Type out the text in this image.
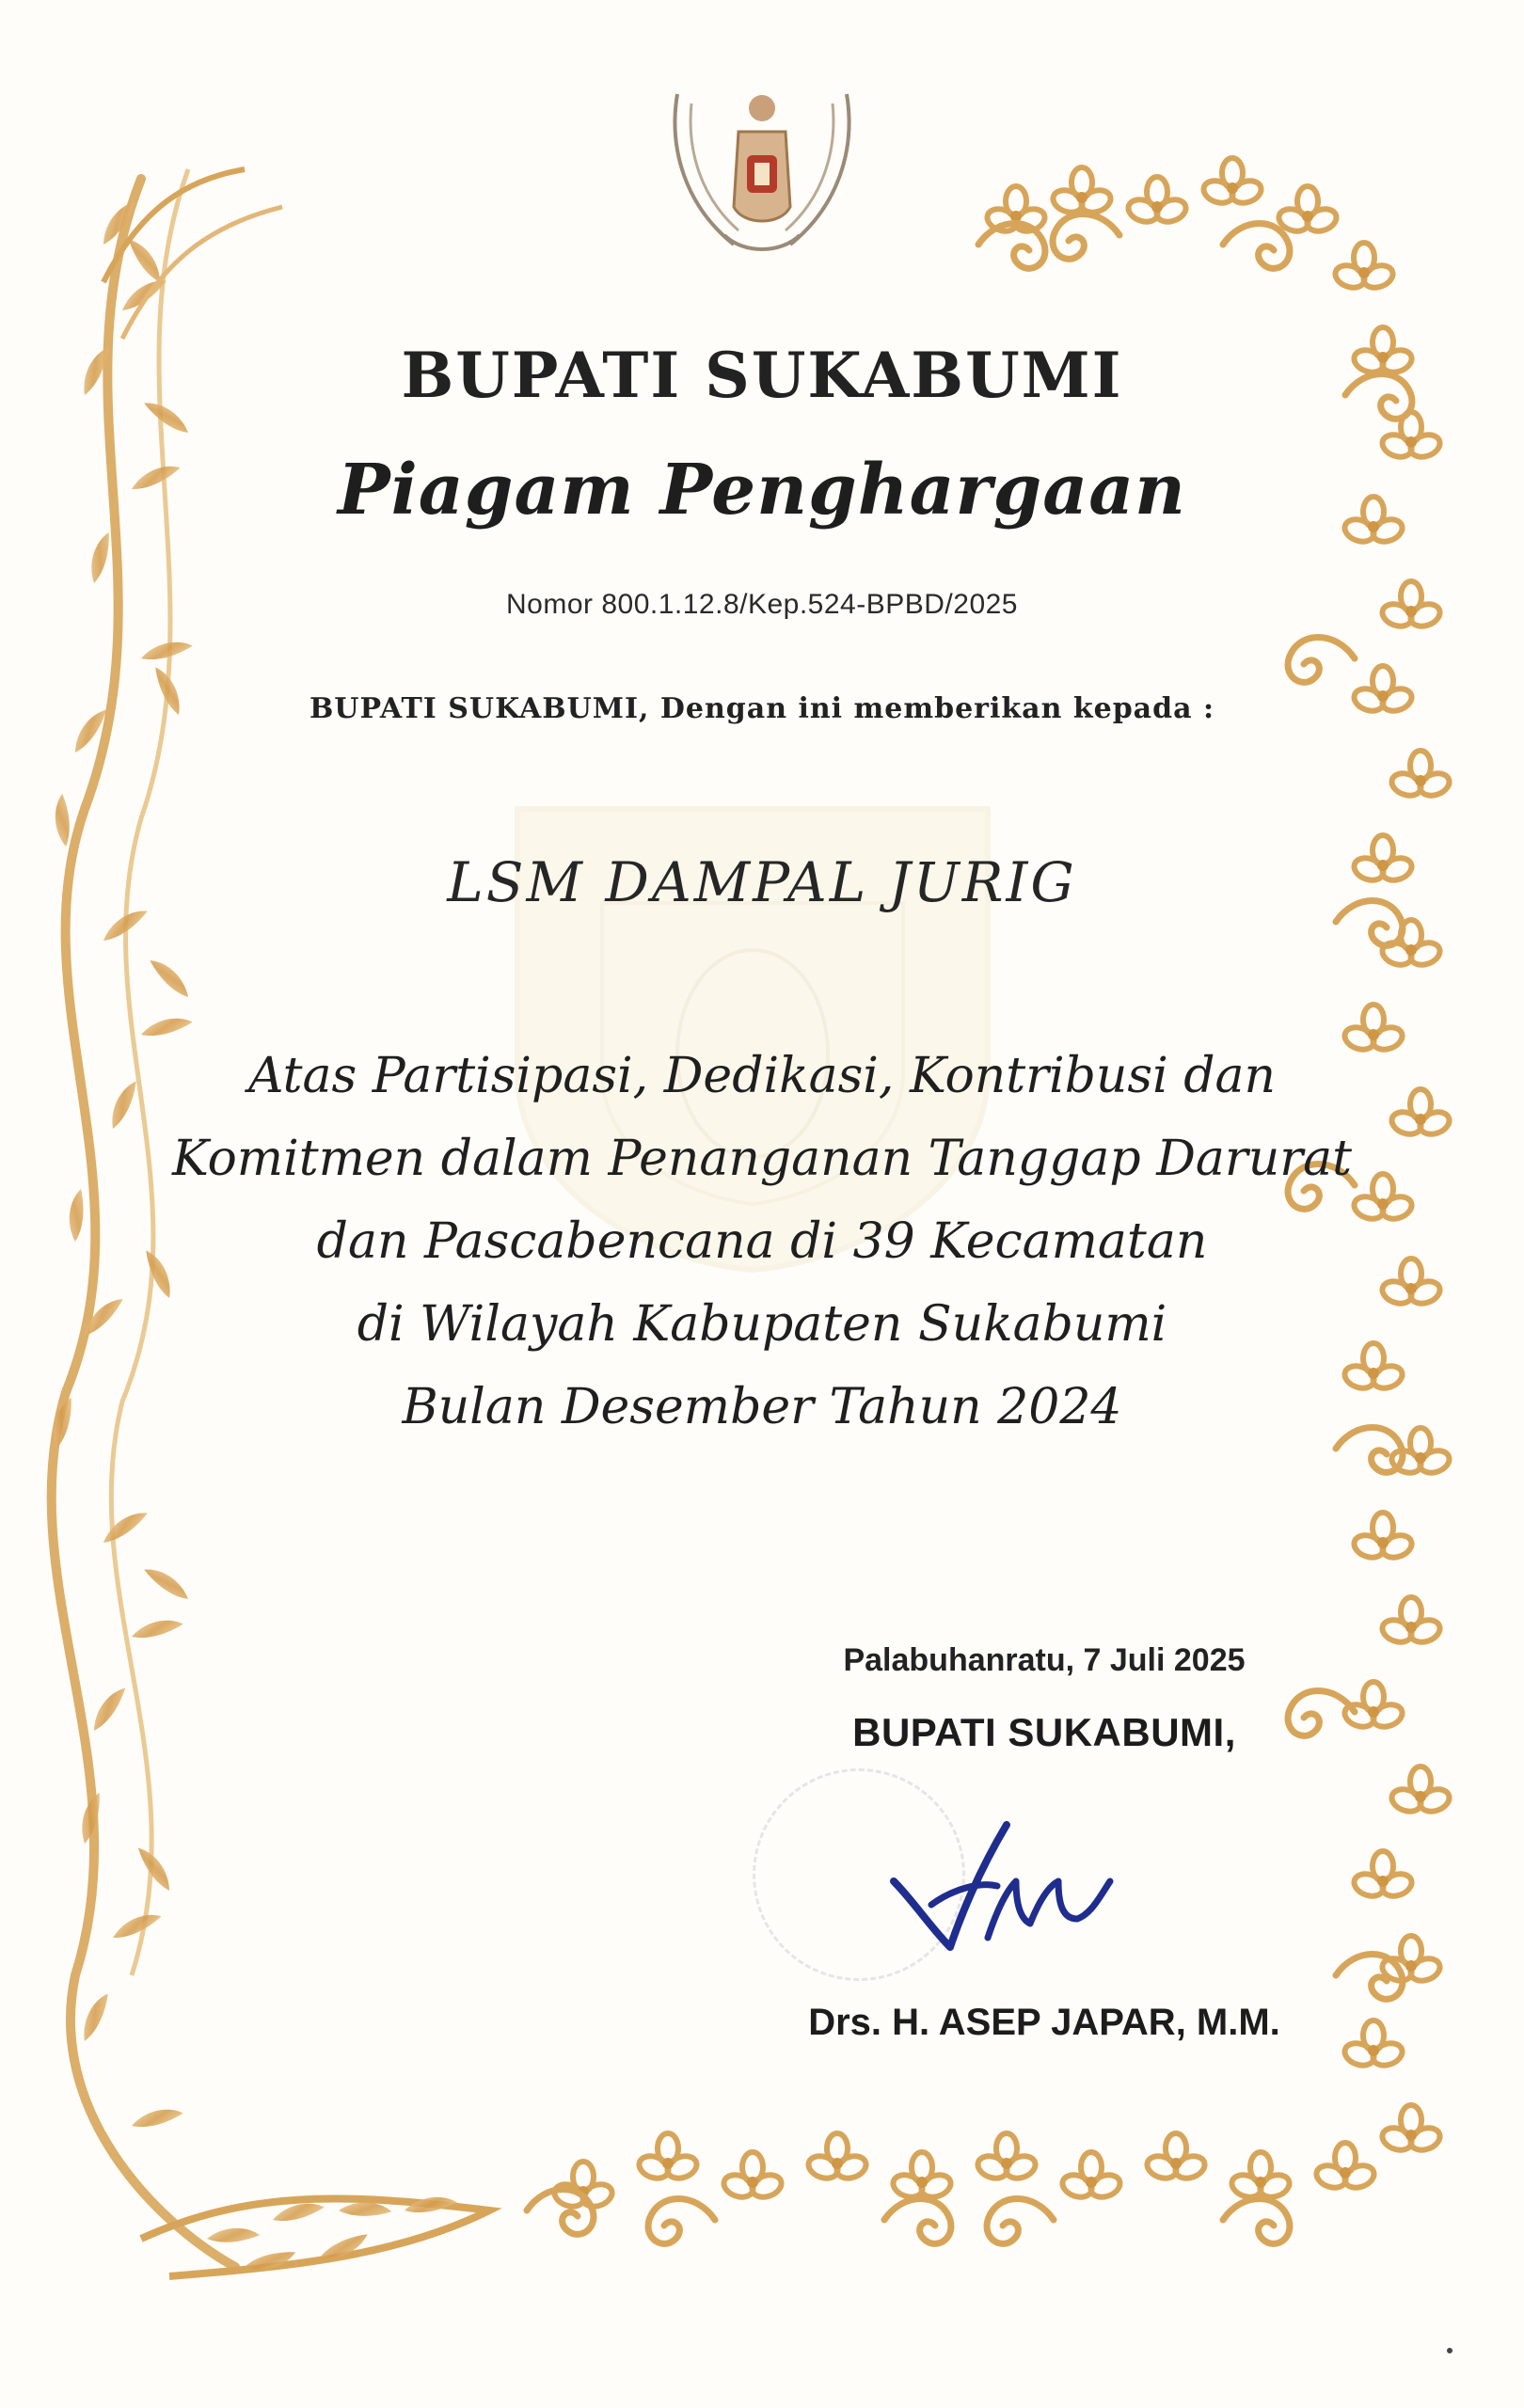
BUPATI SUKABUMI
Piagam Penghargaan
Nomor 800.1.12.8/Kep.524-BPBD/2025
BUPATI SUKABUMI, Dengan ini memberikan kepada :
LSM DAMPAL JURIG
Atas Partisipasi, Dedikasi, Kontribusi dan
Komitmen dalam Penanganan Tanggap Darurat
dan Pascabencana di 39 Kecamatan
di Wilayah Kabupaten Sukabumi
Bulan Desember Tahun 2024
Palabuhanratu, 7 Juli 2025
BUPATI SUKABUMI,
Drs. H. ASEP JAPAR, M.M.
